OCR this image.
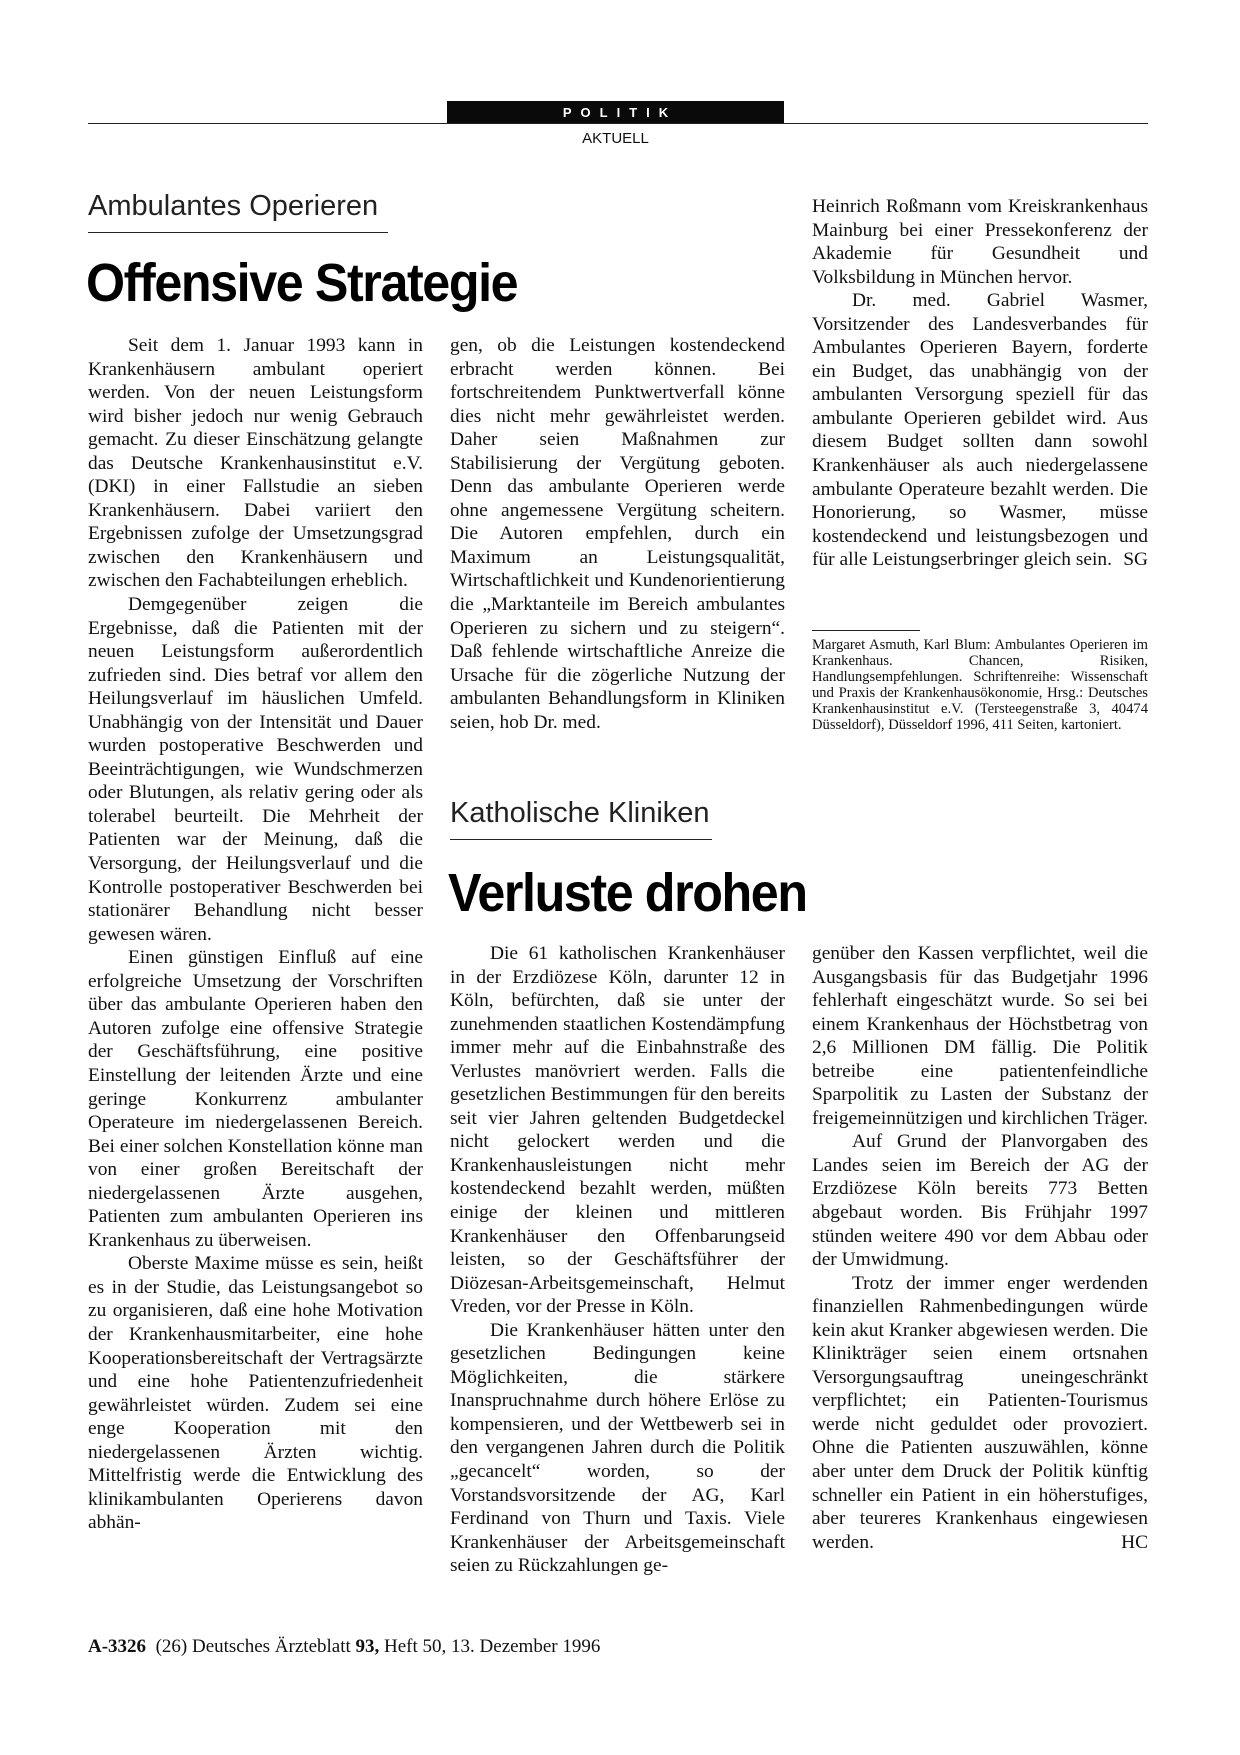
POLITIK
AKTUELL
Ambulantes Operieren
Offensive Strategie

Seit dem 1. Januar 1993 kann in Krankenhäusern ambulant operiert werden. Von der neuen Leistungsform wird bisher jedoch nur wenig Gebrauch gemacht. Zu dieser Einschätzung gelangte das Deutsche Krankenhausinstitut e.V. (DKI) in einer Fallstudie an sieben Krankenhäusern. Dabei variiert den Ergebnissen zufolge der Umsetzungsgrad zwischen den Krankenhäusern und zwischen den Fachabteilungen erheblich.

Demgegenüber zeigen die Ergebnisse, daß die Patienten mit der neuen Leistungsform außerordentlich zufrieden sind. Dies betraf vor allem den Heilungsverlauf im häuslichen Umfeld. Unabhängig von der Intensität und Dauer wurden postoperative Beschwerden und Beeinträchtigungen, wie Wundschmerzen oder Blutungen, als relativ gering oder als tolerabel beurteilt. Die Mehrheit der Patienten war der Meinung, daß die Versorgung, der Heilungsverlauf und die Kontrolle postoperativer Beschwerden bei stationärer Behandlung nicht besser gewesen wären.

Einen günstigen Einfluß auf eine erfolgreiche Umsetzung der Vorschriften über das ambulante Operieren haben den Autoren zufolge eine offensive Strategie der Geschäftsführung, eine positive Einstellung der leitenden Ärzte und eine geringe Konkurrenz ambulanter Operateure im niedergelassenen Bereich. Bei einer solchen Konstellation könne man von einer großen Bereitschaft der niedergelassenen Ärzte ausgehen, Patienten zum ambulanten Operieren ins Krankenhaus zu überweisen.

Oberste Maxime müsse es sein, heißt es in der Studie, das Leistungsangebot so zu organisieren, daß eine hohe Motivation der Krankenhausmitarbeiter, eine hohe Kooperationsbereitschaft der Vertragsärzte und eine hohe Patientenzufriedenheit gewährleistet würden. Zudem sei eine enge Kooperation mit den niedergelassenen Ärzten wichtig. Mittelfristig werde die Entwicklung des klinikambulanten Operierens davon abhän-

gen, ob die Leistungen kostendeckend erbracht werden können. Bei fortschreitendem Punktwertverfall könne dies nicht mehr gewährleistet werden. Daher seien Maßnahmen zur Stabilisierung der Vergütung geboten. Denn das ambulante Operieren werde ohne angemessene Vergütung scheitern. Die Autoren empfehlen, durch ein Maximum an Leistungsqualität, Wirtschaftlichkeit und Kundenorientierung die „Marktanteile im Bereich ambulantes Operieren zu sichern und zu steigern“. Daß fehlende wirtschaftliche Anreize die Ursache für die zögerliche Nutzung der ambulanten Behandlungsform in Kliniken seien, hob Dr. med.

Heinrich Roßmann vom Kreiskrankenhaus Mainburg bei einer Pressekonferenz der Akademie für Gesundheit und Volksbildung in München hervor.

Dr. med. Gabriel Wasmer, Vorsitzender des Landesverbandes für Ambulantes Operieren Bayern, forderte ein Budget, das unabhängig von der ambulanten Versorgung speziell für das ambulante Operieren gebildet wird. Aus diesem Budget sollten dann sowohl Krankenhäuser als auch niedergelassene ambulante Operateure bezahlt werden. Die Honorierung, so Wasmer, müsse kostendeckend und leistungsbezogen und für alle Leistungserbringer gleich sein. SG

Margaret Asmuth, Karl Blum: Ambulantes Operieren im Krankenhaus. Chancen, Risiken, Handlungsempfehlungen. Schriftenreihe: Wissenschaft und Praxis der Krankenhausökonomie, Hrsg.: Deutsches Krankenhausinstitut e.V. (Tersteegenstraße 3, 40474 Düsseldorf), Düsseldorf 1996, 411 Seiten, kartoniert.
Katholische Kliniken
Verluste drohen

Die 61 katholischen Krankenhäuser in der Erzdiözese Köln, darunter 12 in Köln, befürchten, daß sie unter der zunehmenden staatlichen Kostendämpfung immer mehr auf die Einbahnstraße des Verlustes manövriert werden. Falls die gesetzlichen Bestimmungen für den bereits seit vier Jahren geltenden Budgetdeckel nicht gelockert werden und die Krankenhausleistungen nicht mehr kostendeckend bezahlt werden, müßten einige der kleinen und mittleren Krankenhäuser den Offenbarungseid leisten, so der Geschäftsführer der Diözesan-Arbeitsgemeinschaft, Helmut Vreden, vor der Presse in Köln.

Die Krankenhäuser hätten unter den gesetzlichen Bedingungen keine Möglichkeiten, die stärkere Inanspruchnahme durch höhere Erlöse zu kompensieren, und der Wettbewerb sei in den vergangenen Jahren durch die Politik „gecancelt“ worden, so der Vorstandsvorsitzende der AG, Karl Ferdinand von Thurn und Taxis. Viele Krankenhäuser der Arbeitsgemeinschaft seien zu Rückzahlungen ge-

genüber den Kassen verpflichtet, weil die Ausgangsbasis für das Budgetjahr 1996 fehlerhaft eingeschätzt wurde. So sei bei einem Krankenhaus der Höchstbetrag von 2,6 Millionen DM fällig. Die Politik betreibe eine patientenfeindliche Sparpolitik zu Lasten der Substanz der freigemeinnützigen und kirchlichen Träger.

Auf Grund der Planvorgaben des Landes seien im Bereich der AG der Erzdiözese Köln bereits 773 Betten abgebaut worden. Bis Frühjahr 1997 stünden weitere 490 vor dem Abbau oder der Umwidmung.

Trotz der immer enger werdenden finanziellen Rahmenbedingungen würde kein akut Kranker abgewiesen werden. Die Klinikträger seien einem ortsnahen Versorgungsauftrag uneingeschränkt verpflichtet; ein Patienten-Tourismus werde nicht geduldet oder provoziert. Ohne die Patienten auszuwählen, könne aber unter dem Druck der Politik künftig schneller ein Patient in ein höherstufiges, aber teureres Krankenhaus eingewiesen werden.	HC

A-3326 (26) Deutsches Ärzteblatt 93, Heft 50, 13. Dezember 1996
